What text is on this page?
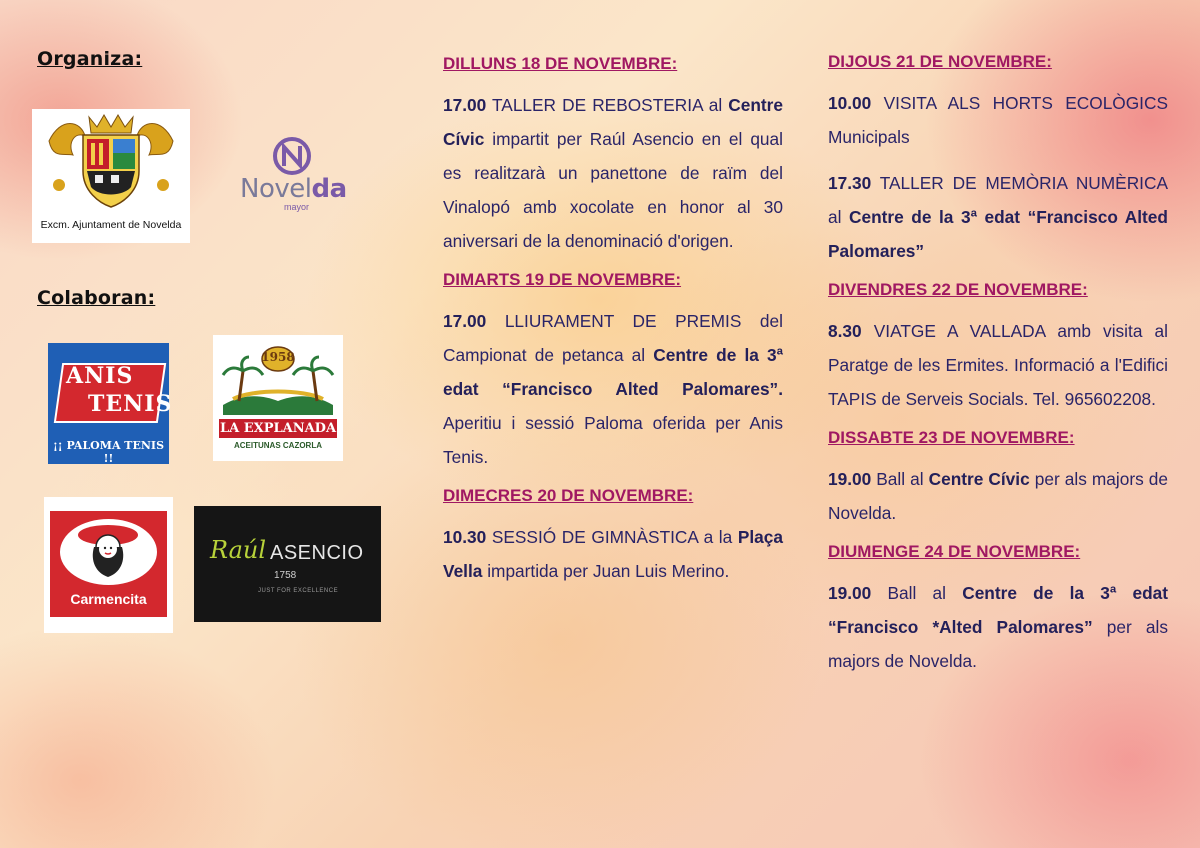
Organiza:
Excm. Ajuntament de Novelda
Novelda
mayor
Colaboran:
ANIS
TENIS
¡¡ PALOMA TENIS !!
1958
LA EXPLANADA
ACEITUNAS CAZORLA
Carmencita
Raúl ASENCIO
1758
JUST FOR EXCELLENCE
DILLUNS 18 DE NOVEMBRE:
17.00 TALLER DE REBOSTERIA al Centre Cívic impartit per Raúl Asencio en el qual es realitzarà un panettone de raïm del Vinalopó amb xocolate en honor al 30 aniversari de la denominació d'origen.
DIMARTS 19 DE NOVEMBRE:
17.00 LLIURAMENT DE PREMIS del Campionat de petanca al Centre de la 3ª edat “Francisco Alted Palomares”. Aperitiu i sessió Paloma oferida per Anis Tenis.
DIMECRES 20 DE NOVEMBRE:
10.30 SESSIÓ DE GIMNÀSTICA a la Plaça Vella impartida per Juan Luis Merino.
DIJOUS 21 DE NOVEMBRE:
10.00 VISITA ALS HORTS ECOLÒGICS Municipals
17.30 TALLER DE MEMÒRIA NUMÈRICA al Centre de la 3ª edat “Francisco Alted Palomares”
DIVENDRES 22 DE NOVEMBRE:
8.30 VIATGE A VALLADA amb visita al Paratge de les Ermites. Informació a l'Edifici TAPIS de Serveis Socials. Tel. 965602208.
DISSABTE 23 DE NOVEMBRE:
19.00 Ball al Centre Cívic per als majors de Novelda.
DIUMENGE 24 DE NOVEMBRE:
19.00 Ball al Centre de la 3ª edat “Francisco *Alted Palomares” per als majors de Novelda.
